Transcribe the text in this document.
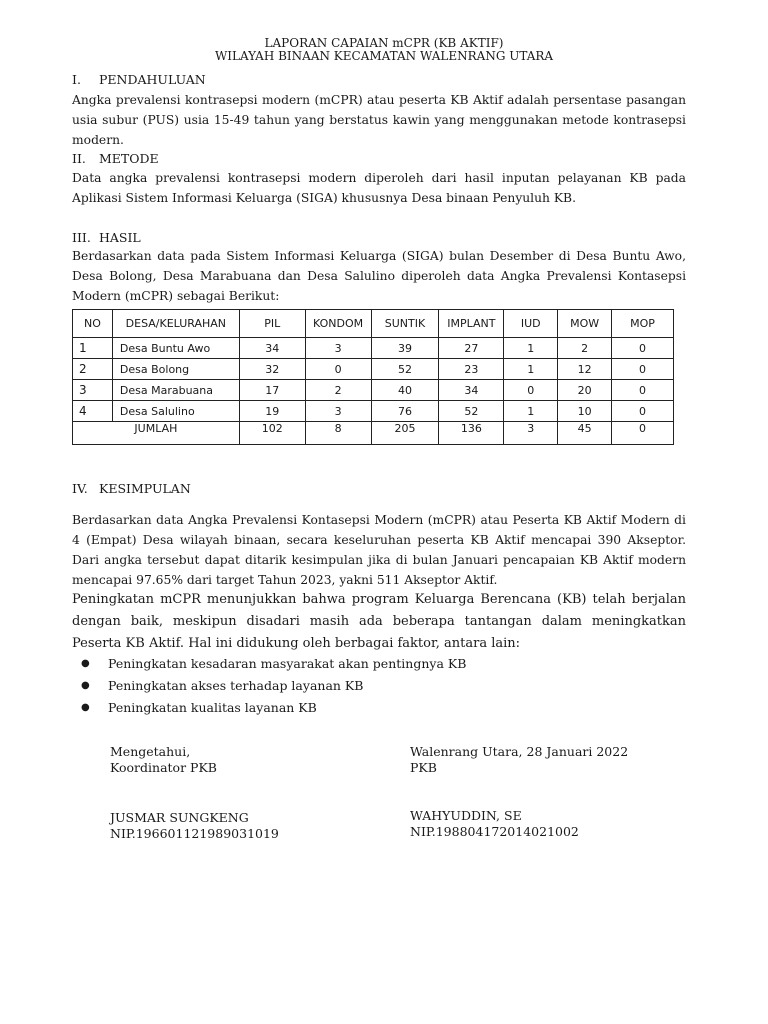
LAPORAN CAPAIAN mCPR (KB AKTIF)
WILAYAH BINAAN KECAMATAN WALENRANG UTARA
I. PENDAHULUAN
Angka prevalensi kontrasepsi modern (mCPR) atau peserta KB Aktif adalah persentase pasangan usia subur (PUS) usia 15-49 tahun yang berstatus kawin yang menggunakan metode kontrasepsi modern.
II. METODE
Data angka prevalensi kontrasepsi modern diperoleh dari hasil inputan pelayanan KB pada Aplikasi Sistem Informasi Keluarga (SIGA) khususnya Desa binaan Penyuluh KB.
III. HASIL
Berdasarkan data pada Sistem Informasi Keluarga (SIGA) bulan Desember di Desa Buntu Awo, Desa Bolong, Desa Marabuana dan Desa Salulino diperoleh data Angka Prevalensi Kontasepsi Modern (mCPR) sebagai Berikut:
NO	DESA/KELURAHAN	PIL	KONDOM	SUNTIK	IMPLANT	IUD	MOW	MOP
1	Desa Buntu Awo	34	3	39	27	1	2	0
2	Desa Bolong	32	0	52	23	1	12	0
3	Desa Marabuana	17	2	40	34	0	20	0
4	Desa Salulino	19	3	76	52	1	10	0
JUMLAH		102	8	205	136	3	45	0
IV. KESIMPULAN
Berdasarkan data Angka Prevalensi Kontasepsi Modern (mCPR) atau Peserta KB Aktif Modern di 4 (Empat) Desa wilayah binaan, secara keseluruhan peserta KB Aktif mencapai 390 Akseptor. Dari angka tersebut dapat ditarik kesimpulan jika di bulan Januari pencapaian KB Aktif modern mencapai 97.65% dari target Tahun 2023, yakni 511 Akseptor Aktif.
Peningkatan mCPR menunjukkan bahwa program Keluarga Berencana (KB) telah berjalan dengan baik, meskipun disadari masih ada beberapa tantangan dalam meningkatkan Peserta KB Aktif. Hal ini didukung oleh berbagai faktor, antara lain:
● Peningkatan kesadaran masyarakat akan pentingnya KB
● Peningkatan akses terhadap layanan KB
● Peningkatan kualitas layanan KB
Mengetahui,
Koordinator PKB
JUSMAR SUNGKENG
NIP.196601121989031019
Walenrang Utara, 28 Januari 2022
PKB
WAHYUDDIN, SE
NIP.198804172014021002
